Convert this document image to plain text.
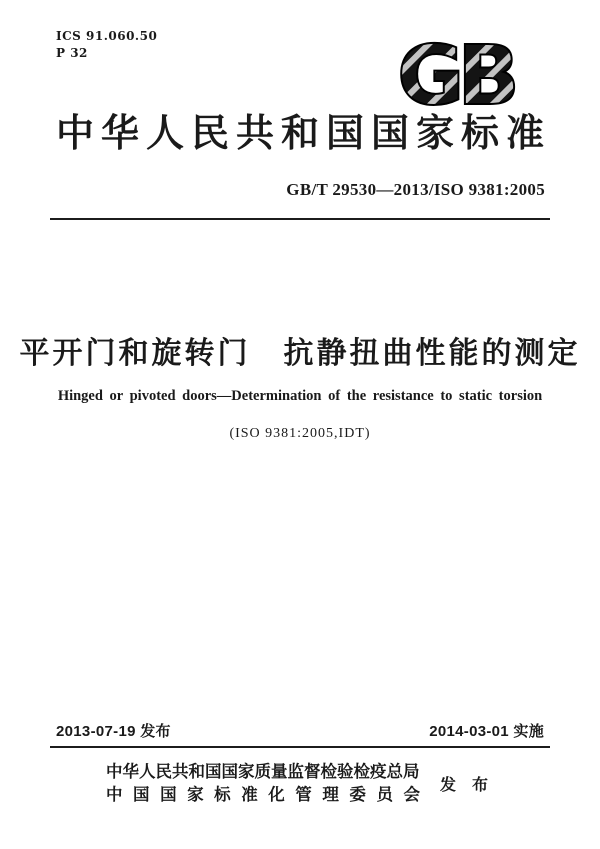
ICS 91.060.50
P 32	GB
中华人民共和国国家标准
GB/T 29530—2013/ISO 9381:2005
平开门和旋转门　抗静扭曲性能的测定
Hinged or pivoted doors—Determination of the resistance to static torsion
(ISO 9381:2005,IDT)
2013-07-19 发布	2014-03-01 实施
中华人民共和国国家质量监督检验检疫总局
中国国家标准化管理委员会 发 布
